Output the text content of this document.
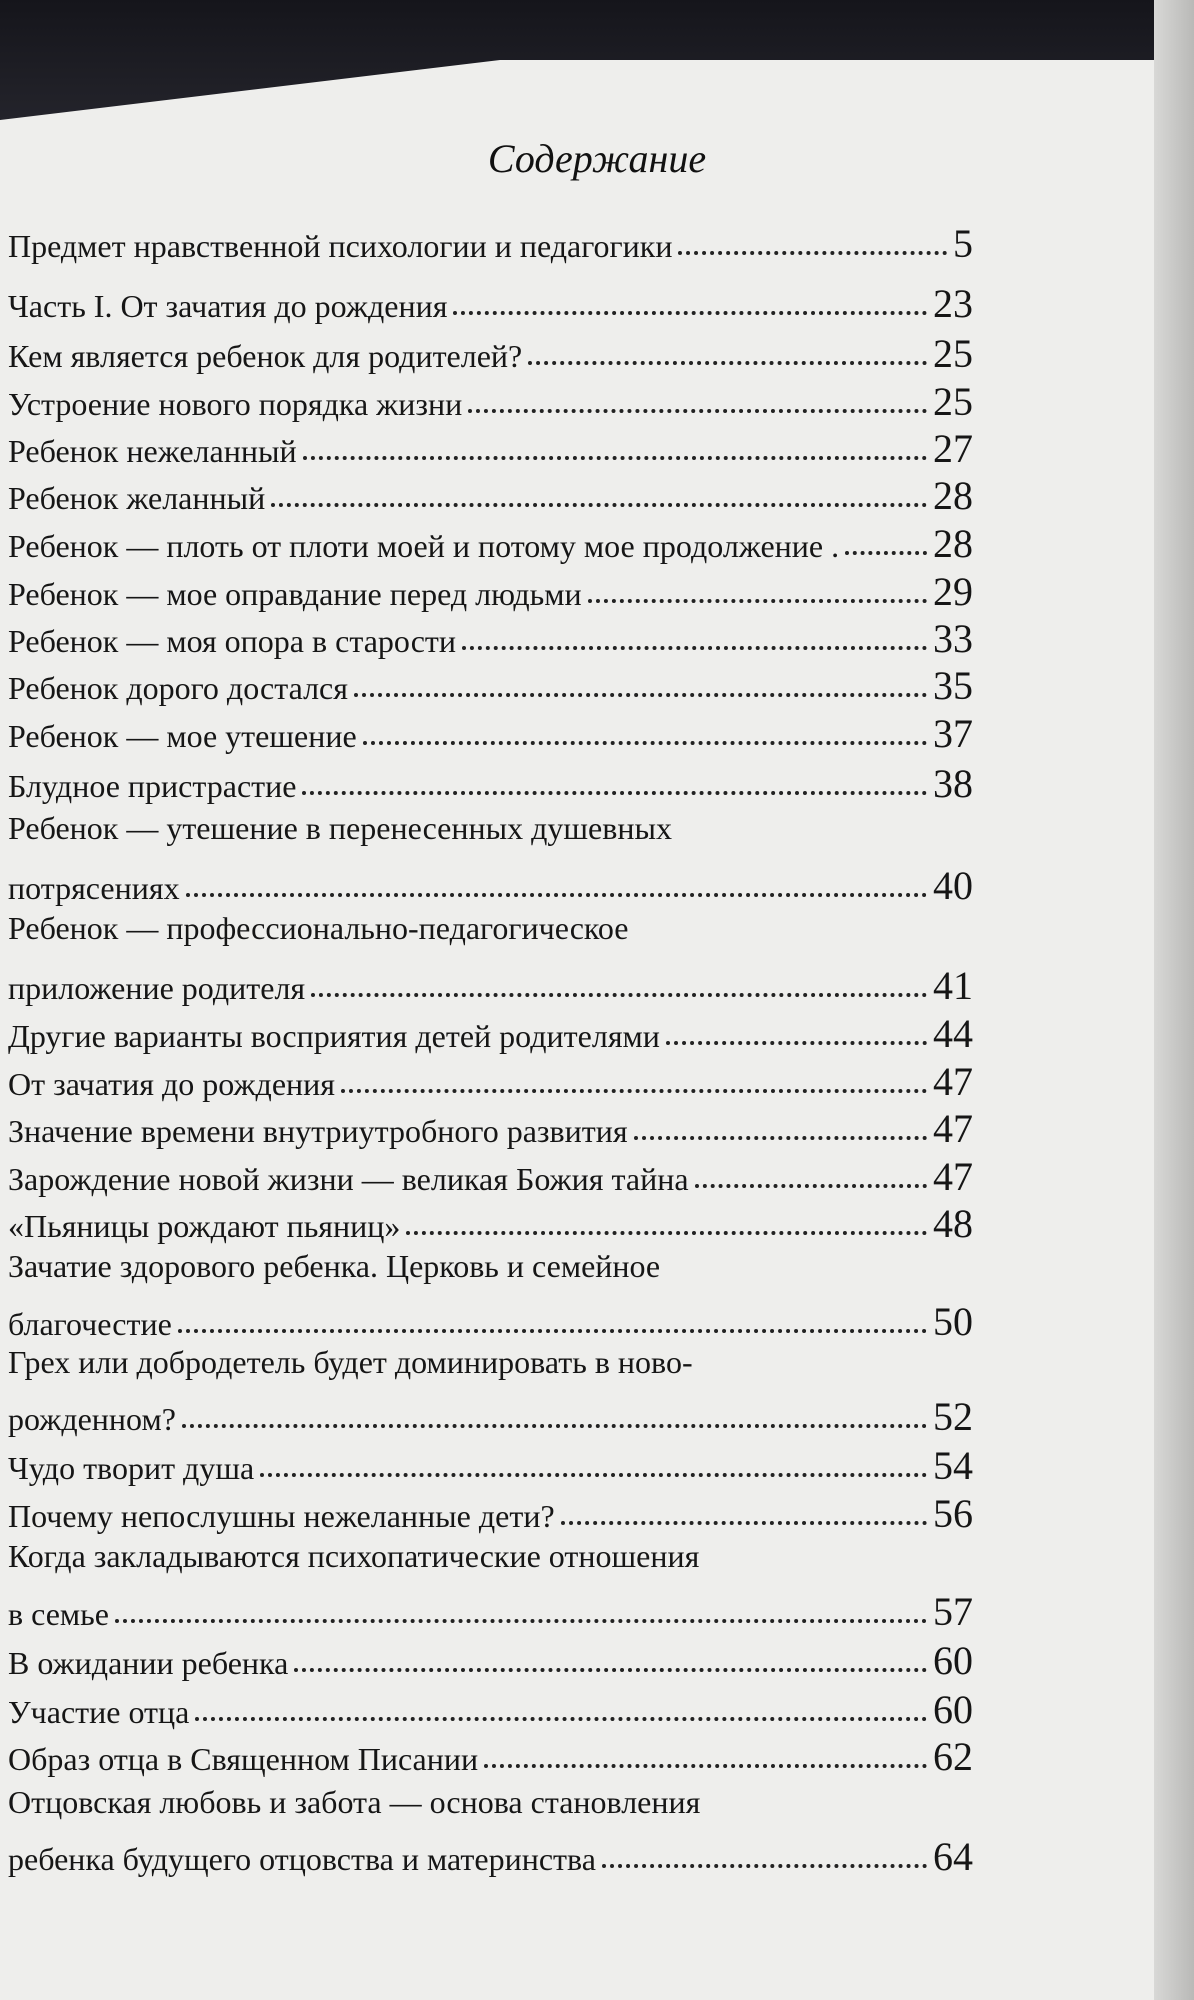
Содержание
Предмет нравственной психологии и педагогики	5
Часть I. От зачатия до рождения	23
Кем является ребенок для родителей?	25
Устроение нового порядка жизни	25
Ребенок нежеланный	27
Ребенок желанный	28
Ребенок — плоть от плоти моей и потому мое продолжение . 28
Ребенок — мое оправдание перед людьми	29
Ребенок — моя опора в старости	33
Ребенок дорого достался	35
Ребенок — мое утешение	37
Блудное пристрастие	38
Ребенок — утешение в перенесенных душевных
потрясениях	40
Ребенок — профессионально-педагогическое
приложение родителя	41
Другие варианты восприятия детей родителями	44
От зачатия до рождения	47
Значение времени внутриутробного развития	47
Зарождение новой жизни — великая Божия тайна	47
«Пьяницы рождают пьяниц»	48
Зачатие здорового ребенка. Церковь и семейное
благочестие	50
Грех или добродетель будет доминировать в ново-
рожденном?	52
Чудо творит душа	54
Почему непослушны нежеланные дети?	56
Когда закладываются психопатические отношения
в семье	57
В ожидании ребенка	60
Участие отца	60
Образ отца в Священном Писании	62
Отцовская любовь и забота — основа становления
ребенка будущего отцовства и материнства	64
